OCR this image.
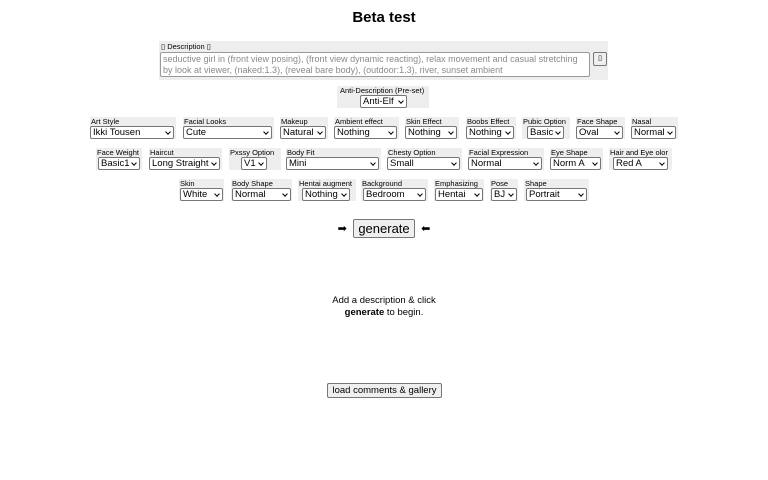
Beta test
▯ Description ▯
seductive girl in (front view posing), (front view dynamic reacting), relax movement and casual stretching by look at viewer, (naked:1.3), (reveal bare body), (outdoor:1.3), river, sunset ambient
▯
Anti-Description (Pre-set)
Anti-Elf
Art Style
Ikki Tousen
Facial Looks
Cute
Makeup
Natural
Ambient effect
Nothing
Skin Effect
Nothing
Boobs Effect
Nothing
Pubic Option
Basic
Face Shape
Oval
Nasal
Normal
Face Weight
Basic1
Haircut
Long Straight
Pxssy Option
V1
Body Fit
Mini
Chesty Option
Small
Facial Expression
Normal
Eye Shape
Norm A
Hair and Eye olor
Red A
Skin
White
Body Shape
Normal
Hentai augment
Nothing
Background
Bedroom
Emphasizing
Hentai
Pose
BJ
Shape
Portrait
➡ generate ⬅
Add a description & click
generate to begin.
load comments & gallery
